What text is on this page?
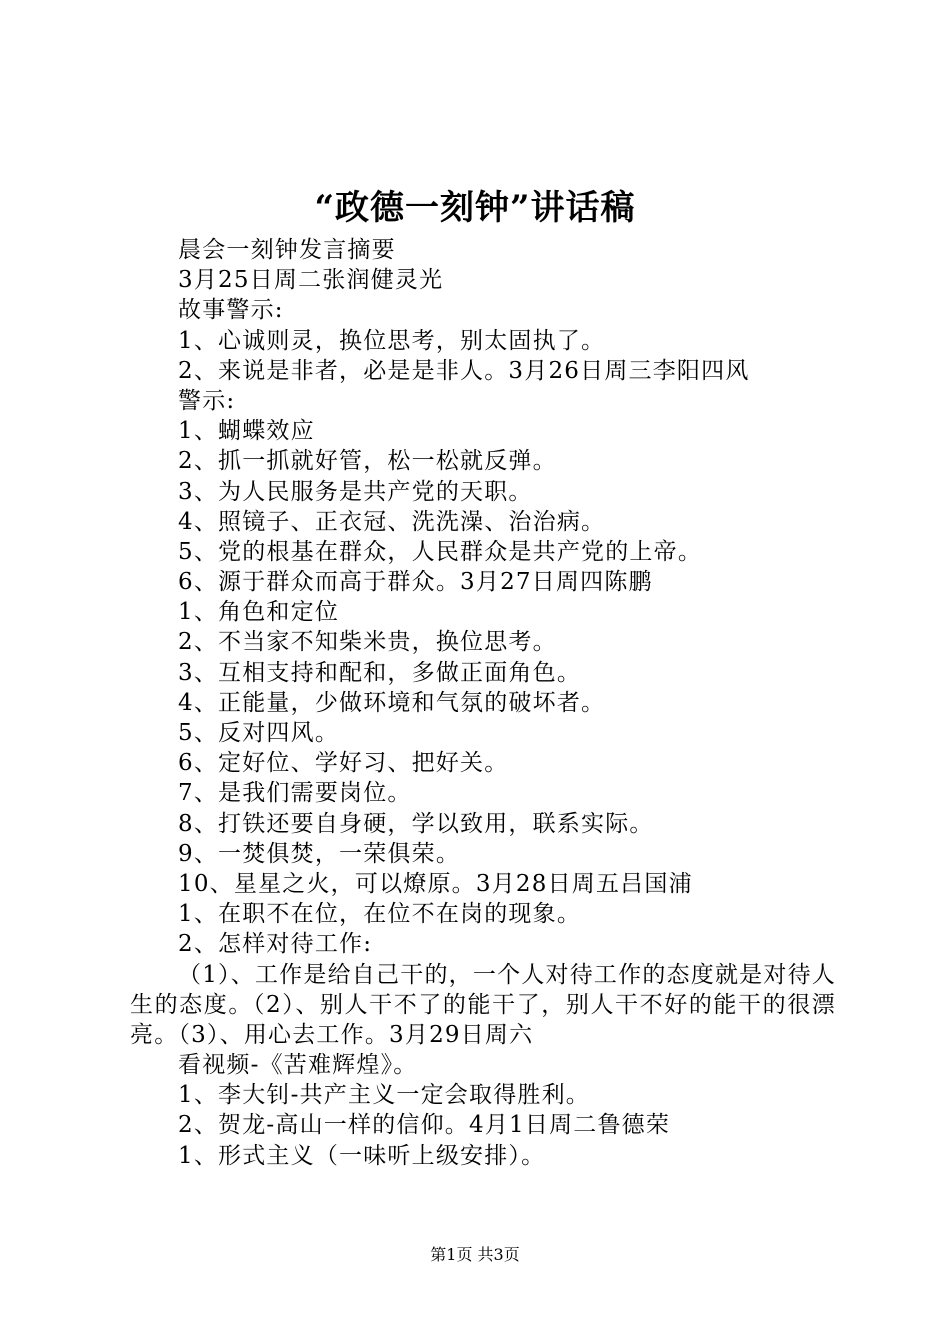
“政德一刻钟”讲话稿
晨会一刻钟发言摘要
3月25日周二张润健灵光
故事警示:
1、心诚则灵，换位思考，别太固执了。
2、来说是非者，必是是非人。3月26日周三李阳四风
警示:
1、蝴蝶效应
2、抓一抓就好管，松一松就反弹。
3、为人民服务是共产党的天职。
4、照镜子、正衣冠、洗洗澡、治治病。
5、党的根基在群众，人民群众是共产党的上帝。
6、源于群众而高于群众。3月27日周四陈鹏
1、角色和定位
2、不当家不知柴米贵，换位思考。
3、互相支持和配和，多做正面角色。
4、正能量，少做环境和气氛的破坏者。
5、反对四风。
6、定好位、学好习、把好关。
7、是我们需要岗位。
8、打铁还要自身硬，学以致用，联系实际。
9、一焚俱焚，一荣俱荣。
10、星星之火，可以燎原。3月28日周五吕国浦
1、在职不在位，在位不在岗的现象。
2、怎样对待工作:
（1）、工作是给自己干的，一个人对待工作的态度就是对待人生的态度。（2）、别人干不了的能干了，别人干不好的能干的很漂亮。（3）、用心去工作。3月29日周六
看视频-《苦难辉煌》。
1、李大钊-共产主义一定会取得胜利。
2、贺龙-高山一样的信仰。4月1日周二鲁德荣
1、形式主义（一味听上级安排）。
第1页 共3页
